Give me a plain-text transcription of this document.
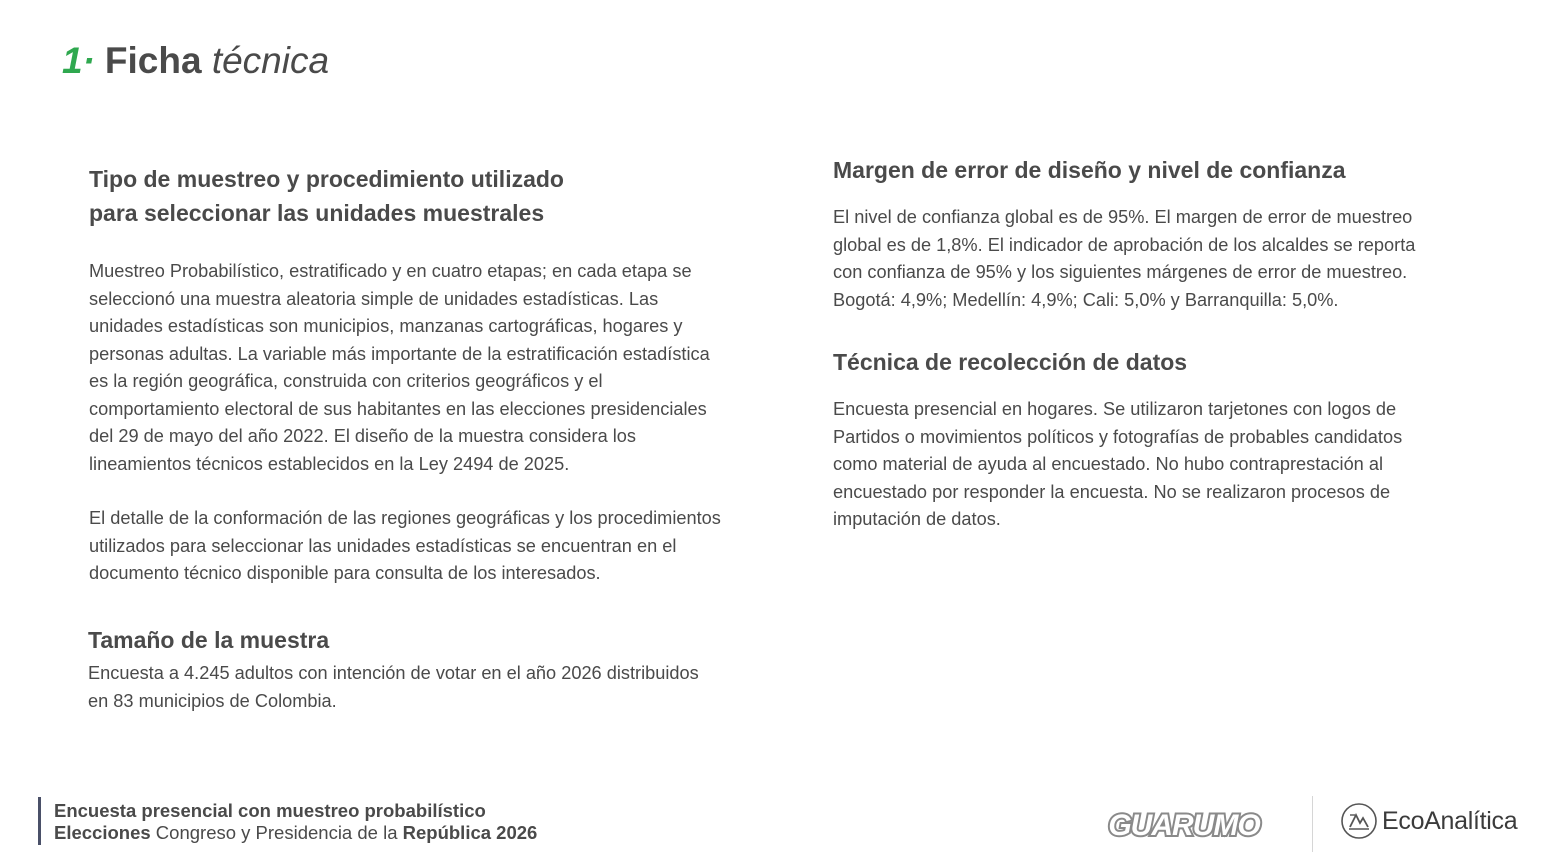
1· Ficha técnica
Tipo de muestreo y procedimiento utilizado
para seleccionar las unidades muestrales
Muestreo Probabilístico, estratificado y en cuatro etapas; en cada etapa se
seleccionó una muestra aleatoria simple de unidades estadísticas. Las
unidades estadísticas son municipios, manzanas cartográficas, hogares y
personas adultas. La variable más importante de la estratificación estadística
es la región geográfica, construida con criterios geográficos y el
comportamiento electoral de sus habitantes en las elecciones presidenciales
del 29 de mayo del año 2022. El diseño de la muestra considera los
lineamientos técnicos establecidos en la Ley 2494 de 2025.
El detalle de la conformación de las regiones geográficas y los procedimientos
utilizados para seleccionar las unidades estadísticas se encuentran en el
documento técnico disponible para consulta de los interesados.
Tamaño de la muestra
Encuesta a 4.245 adultos con intención de votar en el año 2026 distribuidos
en 83 municipios de Colombia.
Margen de error de diseño y nivel de confianza
El nivel de confianza global es de 95%. El margen de error de muestreo
global es de 1,8%. El indicador de aprobación de los alcaldes se reporta
con confianza de 95% y los siguientes márgenes de error de muestreo.
Bogotá: 4,9%; Medellín: 4,9%; Cali: 5,0% y Barranquilla: 5,0%.
Técnica de recolección de datos
Encuesta presencial en hogares. Se utilizaron tarjetones con logos de
Partidos o movimientos políticos y fotografías de probables candidatos
como material de ayuda al encuestado. No hubo contraprestación al
encuestado por responder la encuesta. No se realizaron procesos de
imputación de datos.
Encuesta presencial con muestreo probabilístico
Elecciones Congreso y Presidencia de la República 2026	GUARUMO	EcoAnalítica
